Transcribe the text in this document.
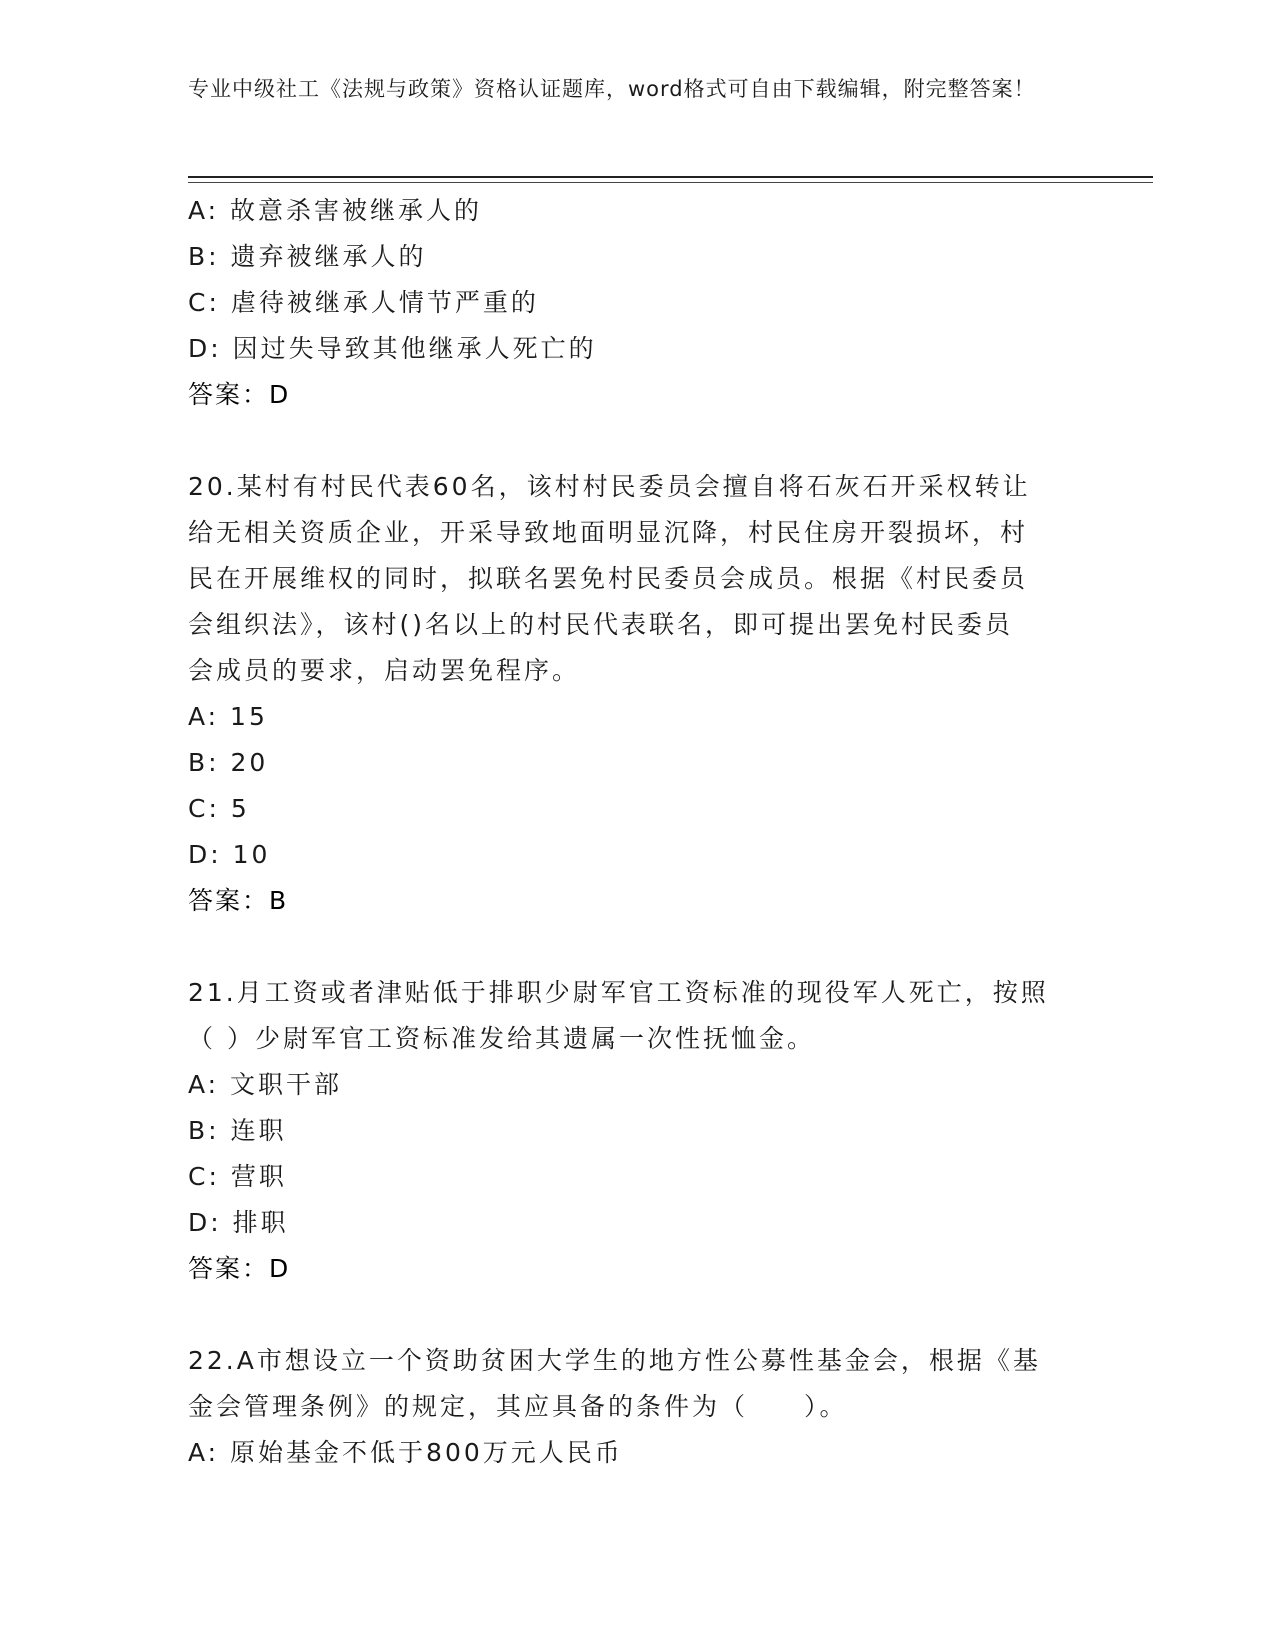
专业中级社工《法规与政策》资格认证题库，word格式可自由下载编辑，附完整答案！
A: 故意杀害被继承人的
B: 遗弃被继承人的
C: 虐待被继承人情节严重的
D: 因过失导致其他继承人死亡的
答案：D
20.某村有村民代表60名，该村村民委员会擅自将石灰石开采权转让
给无相关资质企业，开采导致地面明显沉降，村民住房开裂损坏，村
民在开展维权的同时，拟联名罢免村民委员会成员。根据《村民委员
会组织法》，该村()名以上的村民代表联名，即可提出罢免村民委员
会成员的要求，启动罢免程序。
A: 15
B: 20
C: 5
D: 10
答案：B
21.月工资或者津贴低于排职少尉军官工资标准的现役军人死亡，按照
（ ）少尉军官工资标准发给其遗属一次性抚恤金。
A: 文职干部
B: 连职
C: 营职
D: 排职
答案：D
22.A市想设立一个资助贫困大学生的地方性公募性基金会，根据《基
金会管理条例》的规定，其应具备的条件为（　　）。
A: 原始基金不低于800万元人民币
